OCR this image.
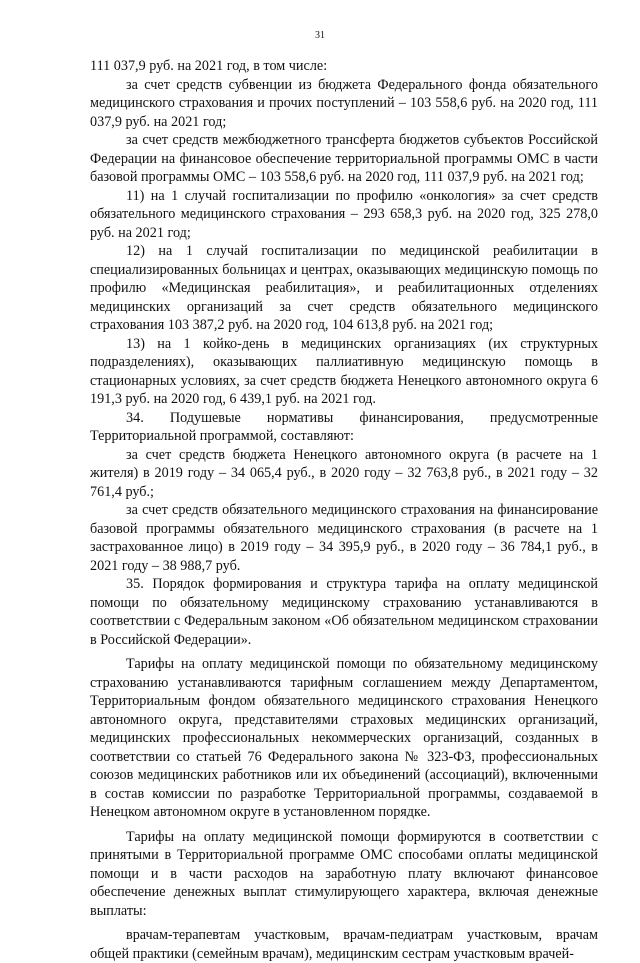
31

111 037,9 руб. на 2021 год, в том числе:

за счет средств субвенции из бюджета Федерального фонда обязательного медицинского страхования и прочих поступлений – 103 558,6 руб. на 2020 год, 111 037,9 руб. на 2021 год;

за счет средств межбюджетного трансферта бюджетов субъектов Российской Федерации на финансовое обеспечение территориальной программы ОМС в части базовой программы ОМС – 103 558,6 руб. на 2020 год, 111 037,9 руб. на 2021 год;

11) на 1 случай госпитализации по профилю «онкология» за счет средств обязательного медицинского страхования – 293 658,3 руб. на 2020 год, 325 278,0 руб. на 2021 год;

12) на 1 случай госпитализации по медицинской реабилитации в специализированных больницах и центрах, оказывающих медицинскую помощь по профилю «Медицинская реабилитация», и реабилитационных отделениях медицинских организаций за счет средств обязательного медицинского страхования 103 387,2 руб. на 2020 год, 104 613,8 руб. на 2021 год;

13) на 1 койко-день в медицинских организациях (их структурных подразделениях), оказывающих паллиативную медицинскую помощь в стационарных условиях, за счет средств бюджета Ненецкого автономного округа 6 191,3 руб. на 2020 год, 6 439,1 руб. на 2021 год.

34. Подушевые нормативы финансирования, предусмотренные Территориальной программой, составляют:

за счет средств бюджета Ненецкого автономного округа (в расчете на 1 жителя) в 2019 году – 34 065,4 руб., в 2020 году – 32 763,8 руб., в 2021 году – 32 761,4 руб.;

за счет средств обязательного медицинского страхования на финансирование базовой программы обязательного медицинского страхования (в расчете на 1 застрахованное лицо) в 2019 году – 34 395,9 руб., в 2020 году – 36 784,1 руб., в 2021 году – 38 988,7 руб.

35. Порядок формирования и структура тарифа на оплату медицинской помощи по обязательному медицинскому страхованию устанавливаются в соответствии с Федеральным законом «Об обязательном медицинском страховании в Российской Федерации».

Тарифы на оплату медицинской помощи по обязательному медицинскому страхованию устанавливаются тарифным соглашением между Департаментом, Территориальным фондом обязательного медицинского страхования Ненецкого автономного округа, представителями страховых медицинских организаций, медицинских профессиональных некоммерческих организаций, созданных в соответствии со статьей 76 Федерального закона № 323-ФЗ, профессиональных союзов медицинских работников или их объединений (ассоциаций), включенными в состав комиссии по разработке Территориальной программы, создаваемой в Ненецком автономном округе в установленном порядке.

Тарифы на оплату медицинской помощи формируются в соответствии с принятыми в Территориальной программе ОМС способами оплаты медицинской помощи и в части расходов на заработную плату включают финансовое обеспечение денежных выплат стимулирующего характера, включая денежные выплаты:

врачам-терапевтам участковым, врачам-педиатрам участковым, врачам общей практики (семейным врачам), медицинским сестрам участковым врачей-
